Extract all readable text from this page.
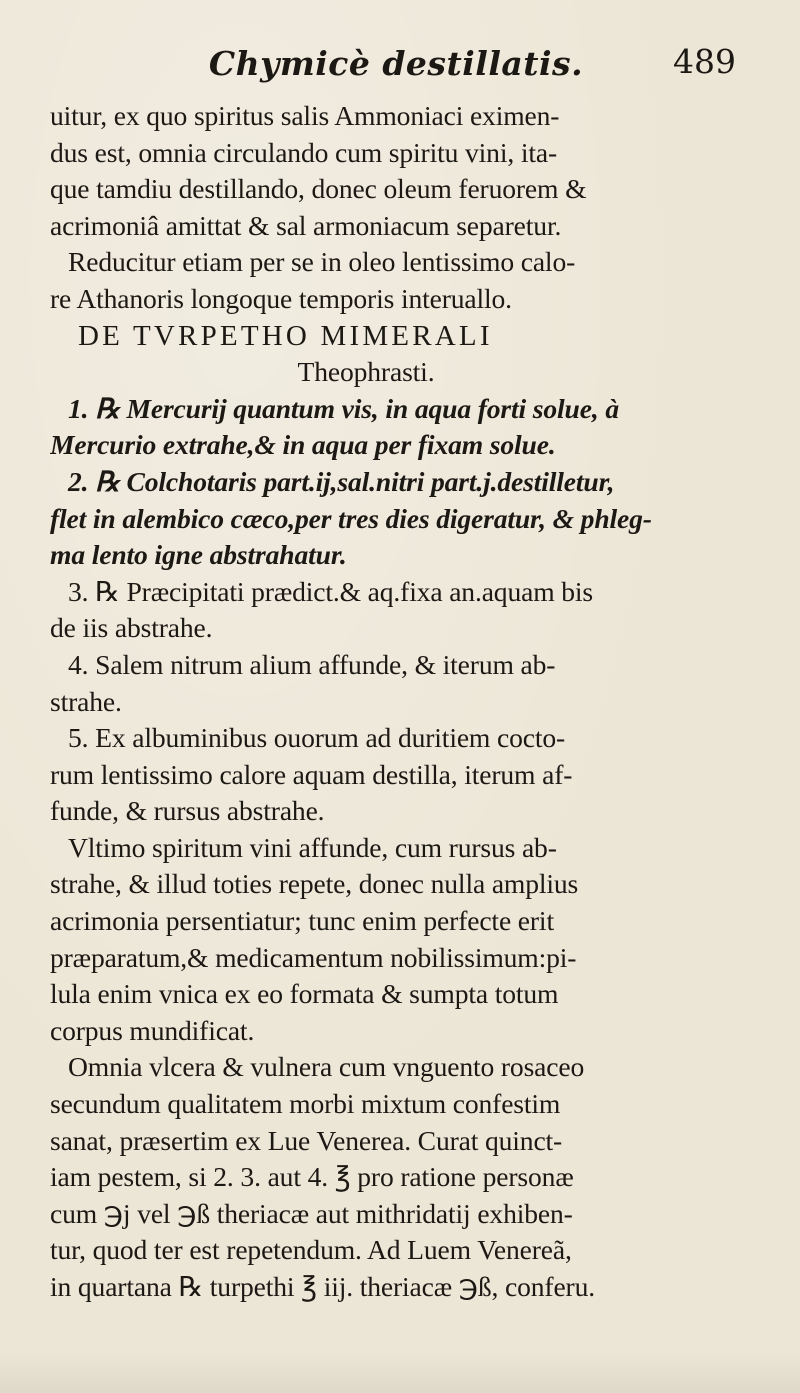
Chymicè destillatis.	489
uitur, ex quo spiritus salis Ammoniaci eximen-
dus est, omnia circulando cum spiritu vini, ita-
que tamdiu destillando, donec oleum feruorem &
acrimoniâ amittat & sal armoniacum separetur.
Reducitur etiam per se in oleo lentissimo calo-
re Athanoris longoque temporis interuallo.
DE TVRPETHO MIMERALI
Theophrasti.
1. ℞ Mercurij quantum vis, in aqua forti solue, à
Mercurio extrahe,& in aqua per fixam solue.
2. ℞ Colchotaris part.ij,sal.nitri part.j.destilletur,
flet in alembico cæco,per tres dies digeratur, & phleg-
ma lento igne abstrahatur.
3. ℞ Præcipitati prædict.& aq.fixa an.aquam bis
de iis abstrahe.
4. Salem nitrum alium affunde, & iterum ab-
strahe.
5. Ex albuminibus ouorum ad duritiem cocto-
rum lentissimo calore aquam destilla, iterum af-
funde, & rursus abstrahe.
Vltimo spiritum vini affunde, cum rursus ab-
strahe, & illud toties repete, donec nulla amplius
acrimonia persentiatur; tunc enim perfecte erit
præparatum,& medicamentum nobilissimum:pi-
lula enim vnica ex eo formata & sumpta totum
corpus mundificat.
Omnia vlcera & vulnera cum vnguento rosaceo
secundum qualitatem morbi mixtum confestim
sanat, præsertim ex Lue Venerea. Curat quinct-
iam pestem, si 2. 3. aut 4. ℥ pro ratione personæ
cum ℈j vel ℈ß theriacæ aut mithridatij exhiben-
tur, quod ter est repetendum. Ad Luem Venereã,
in quartana ℞ turpethi ℥ iij. theriacæ ℈ß, conferu.
